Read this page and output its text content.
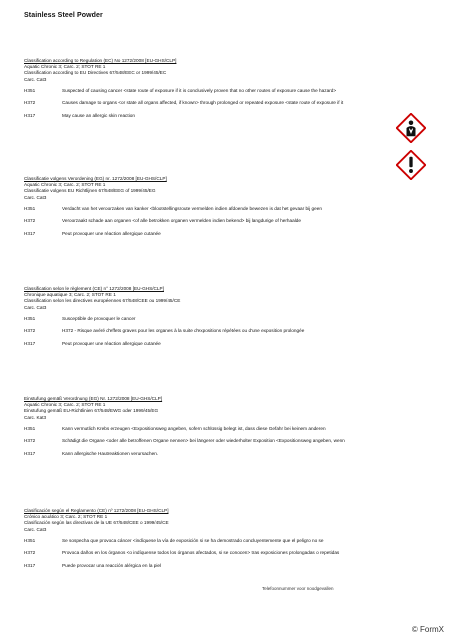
Stainless Steel Powder
Classification according to Regulation (EC) No 1272/2008 [EU-GHS/CLP]
Aquatic Chronic 3; Carc. 2; STOT RE 1
Classification according to EU Directives 67/548/EEC or 1999/45/EC
Carc. Cat3
H351	Suspected of causing cancer <state route of exposure if it is conclusively proven that no other routes of exposure cause the hazard>
H372	Causes damage to organs <or state all organs affected, if known> through prolonged or repeated exposure <state route of exposure if it
H317	May cause an allergic skin reaction
Classificatie volgens Verordening (EG) nr. 1272/2008 [EU-GHS/CLP]
Aquatic Chronic 3; Carc. 2; STOT RE 1
Classificatie volgens EU Richtlijnen 67/548/EEG of 1999/45/EG
Carc. Cat3
H351	Verdacht van het veroorzaken van kanker <blootstellingsroute vermelden indien afdoende bewezen is dat het gevaar bij geen
H372	Veroorzaakt schade aan organen <of alle betrokken organen vermelden indien bekend> bij langdurige of herhaalde
H317	Peut provoquer une réaction allergique cutanée
Classification selon le règlement (CE) n° 1272/2008 [EU-GHS/CLP]
Chronique aquatique 3; Carc. 2; STOT RE 1
Classification selon les directives européennes 67/548/CEE ou 1999/45/CE
Carc. Cat3
H351	Susceptible de provoquer le cancer
H372	H372 - Risque avéré d'effets graves pour les organes à la suite d'expositions répétées ou d'une exposition prolongée
H317	Peut provoquer une réaction allergique cutanée
Einstufung gemäß Verordnung (EG) Nr. 1272/2008 [EU-GHS/CLP]
Aquatic Chronic 3; Carc. 2; STOT RE 1
Einstufung gemäß EU-Richtlinien 67/548/EWG oder 1999/45/EG
Carc. Kat3
H351	Kann vermutlich Krebs erzeugen <Expositionsweg angeben, sofern schlüssig belegt ist, dass diese Gefahr bei keinem anderen
H372	Schädigt die Organe <oder alle betroffenen Organe nennen> bei längerer oder wiederholter Exposition <Expositionsweg angeben, wenn
H317	Kann allergische Hautreaktionen verursachen.
Clasificación según el Reglamento (CE) nº 1272/2008 [EU-GHS/CLP]
Crónico acuático 3; Carc. 2; STOT RE 1
Clasificación según las directivas de la UE 67/548/CEE o 1999/45/CE
Carc. Cat3
H351	Se sospecha que provoca cáncer <indíquese la vía de exposición si se ha demostrado concluyentemente que el peligro no se
H372	Provoca daños en los órganos <o indíquense todos los órganos afectados, si se conocen> tras exposiciones prolongadas o repetidas
H317	Puede provocar una reacción alérgica en la piel
Telefoonnummer voor noodgevallen
© FormX
